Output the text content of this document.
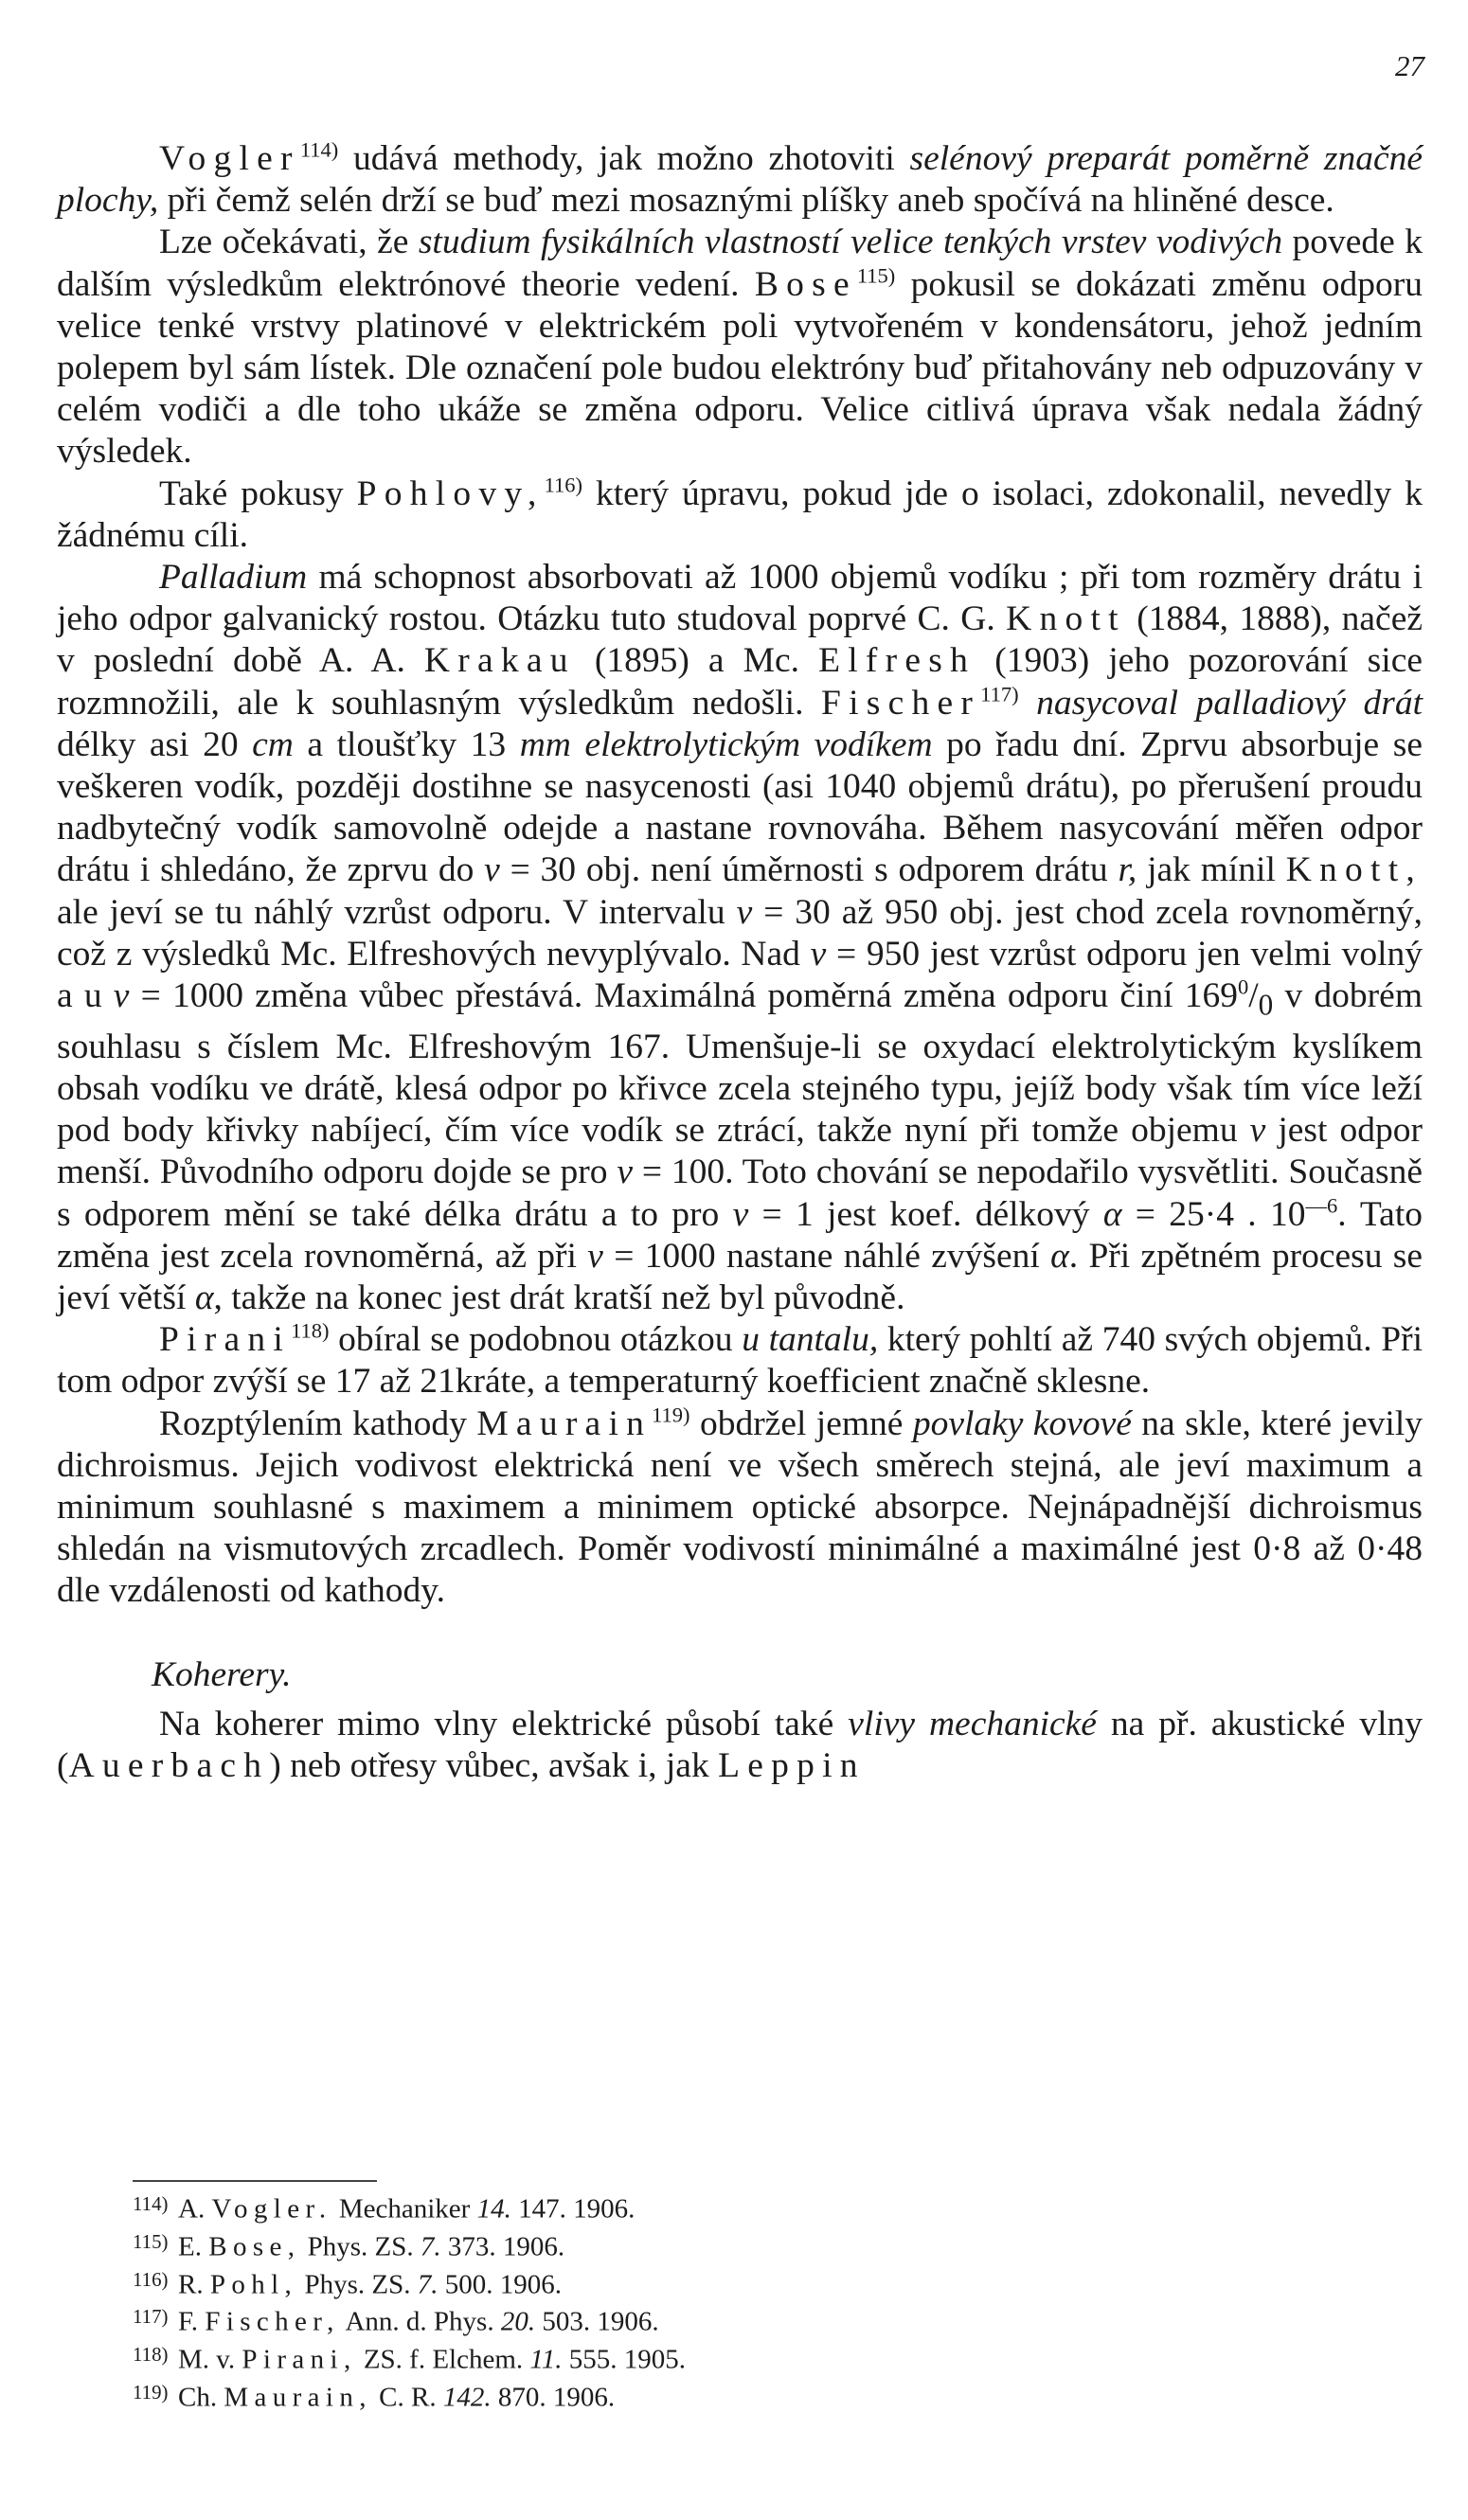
27

Vogler$^{114)}$ udává methody, jak možno zhotoviti selénový preparát poměrně značné plochy, při čemž selén drží se buď mezi mosaznými plíšky aneb spočívá na hliněné desce.

Lze očekávati, že studium fysikálních vlastností velice tenkých vrstev vodivých povede k dalším výsledkům elektrónové theorie vedení. Bose$^{115)}$ pokusil se dokázati změnu odporu velice tenké vrstvy platinové v elektrickém poli vytvořeném v kondensátoru, jehož jedním polepem byl sám lístek. Dle označení pole budou elektróny buď přitahovány neb odpuzovány v celém vodiči a dle toho ukáže se změna odporu. Velice citlivá úprava však nedala žádný výsledek.

Také pokusy Pohlovy,$^{116)}$ který úpravu, pokud jde o isolaci, zdokonalil, nevedly k žádnému cíli.

Palladium má schopnost absorbovati až 1000 objemů vodíku ; při tom rozměry drátu i jeho odpor galvanický rostou. Otázku tuto studoval poprvé C. G. Knott (1884, 1888), načež v poslední době A. A. Krakau (1895) a Mc. Elfresh (1903) jeho pozorování sice rozmnožili, ale k souhlasným výsledkům nedošli. Fischer$^{117)}$ nasycoval palladiový drát délky asi 20 cm a tloušťky 13 mm elektrolytickým vodíkem po řadu dní. Zprvu absorbuje se veškeren vodík, později dostihne se nasycenosti (asi 1040 objemů drátu), po přerušení proudu nadbytečný vodík samovolně odejde a nastane rovnováha. Během nasycování měřen odpor drátu i shledáno, že zprvu do v = 30 obj. není úměrnosti s odporem drátu r, jak mínil Knott, ale jeví se tu náhlý vzrůst odporu. V intervalu v = 30 až 950 obj. jest chod zcela rovnoměrný, což z výsledků Mc. Elfreshových nevyplývalo. Nad v = 950 jest vzrůst odporu jen velmi volný a u v = 1000 změna vůbec přestává. Maximálná poměrná změna odporu činí $169^0/_0$ v dobrém souhlasu s číslem Mc. Elfreshovým 167. Umenšuje-li se oxydací elektrolytickým kyslíkem obsah vodíku ve drátě, klesá odpor po křivce zcela stejného typu, jejíž body však tím více leží pod body křivky nabíjecí, čím více vodík se ztrácí, takže nyní při tomže objemu v jest odpor menší. Původního odporu dojde se pro v = 100. Toto chování se nepodařilo vysvětliti. Současně s odporem mění se také délka drátu a to pro v = 1 jest koef. délkový α = 25·4 . $10^{—6}$. Tato změna jest zcela rovnoměrná, až při v = 1000 nastane náhlé zvýšení α. Při zpětném procesu se jeví větší α, takže na konec jest drát kratší než byl původně.

Pirani$^{118)}$ obíral se podobnou otázkou u tantalu, který pohltí až 740 svých objemů. Při tom odpor zvýší se 17 až 21kráte, a temperaturný koefficient značně sklesne.

Rozptýlením kathody Maurain$^{119)}$ obdržel jemné povlaky kovové na skle, které jevily dichroismus. Jejich vodivost elektrická není ve všech směrech stejná, ale jeví maximum a minimum souhlasné s maximem a minimem optické absorpce. Nejnápadnější dichroismus shledán na vismutových zrcadlech. Poměr vodivostí minimálné a maximálné jest 0·8 až 0·48 dle vzdálenosti od kathody.

Koherery.

Na koherer mimo vlny elektrické působí také vlivy mechanické na př. akustické vlny (Auerbach) neb otřesy vůbec, avšak i, jak Leppin

114) A. Vogler. Mechaniker 14. 147. 1906.
115) E. Bose, Phys. ZS. 7. 373. 1906.
116) R. Pohl, Phys. ZS. 7. 500. 1906.
117) F. Fischer, Ann. d. Phys. 20. 503. 1906.
118) M. v. Pirani, ZS. f. Elchem. 11. 555. 1905.
119) Ch. Maurain, C. R. 142. 870. 1906.
